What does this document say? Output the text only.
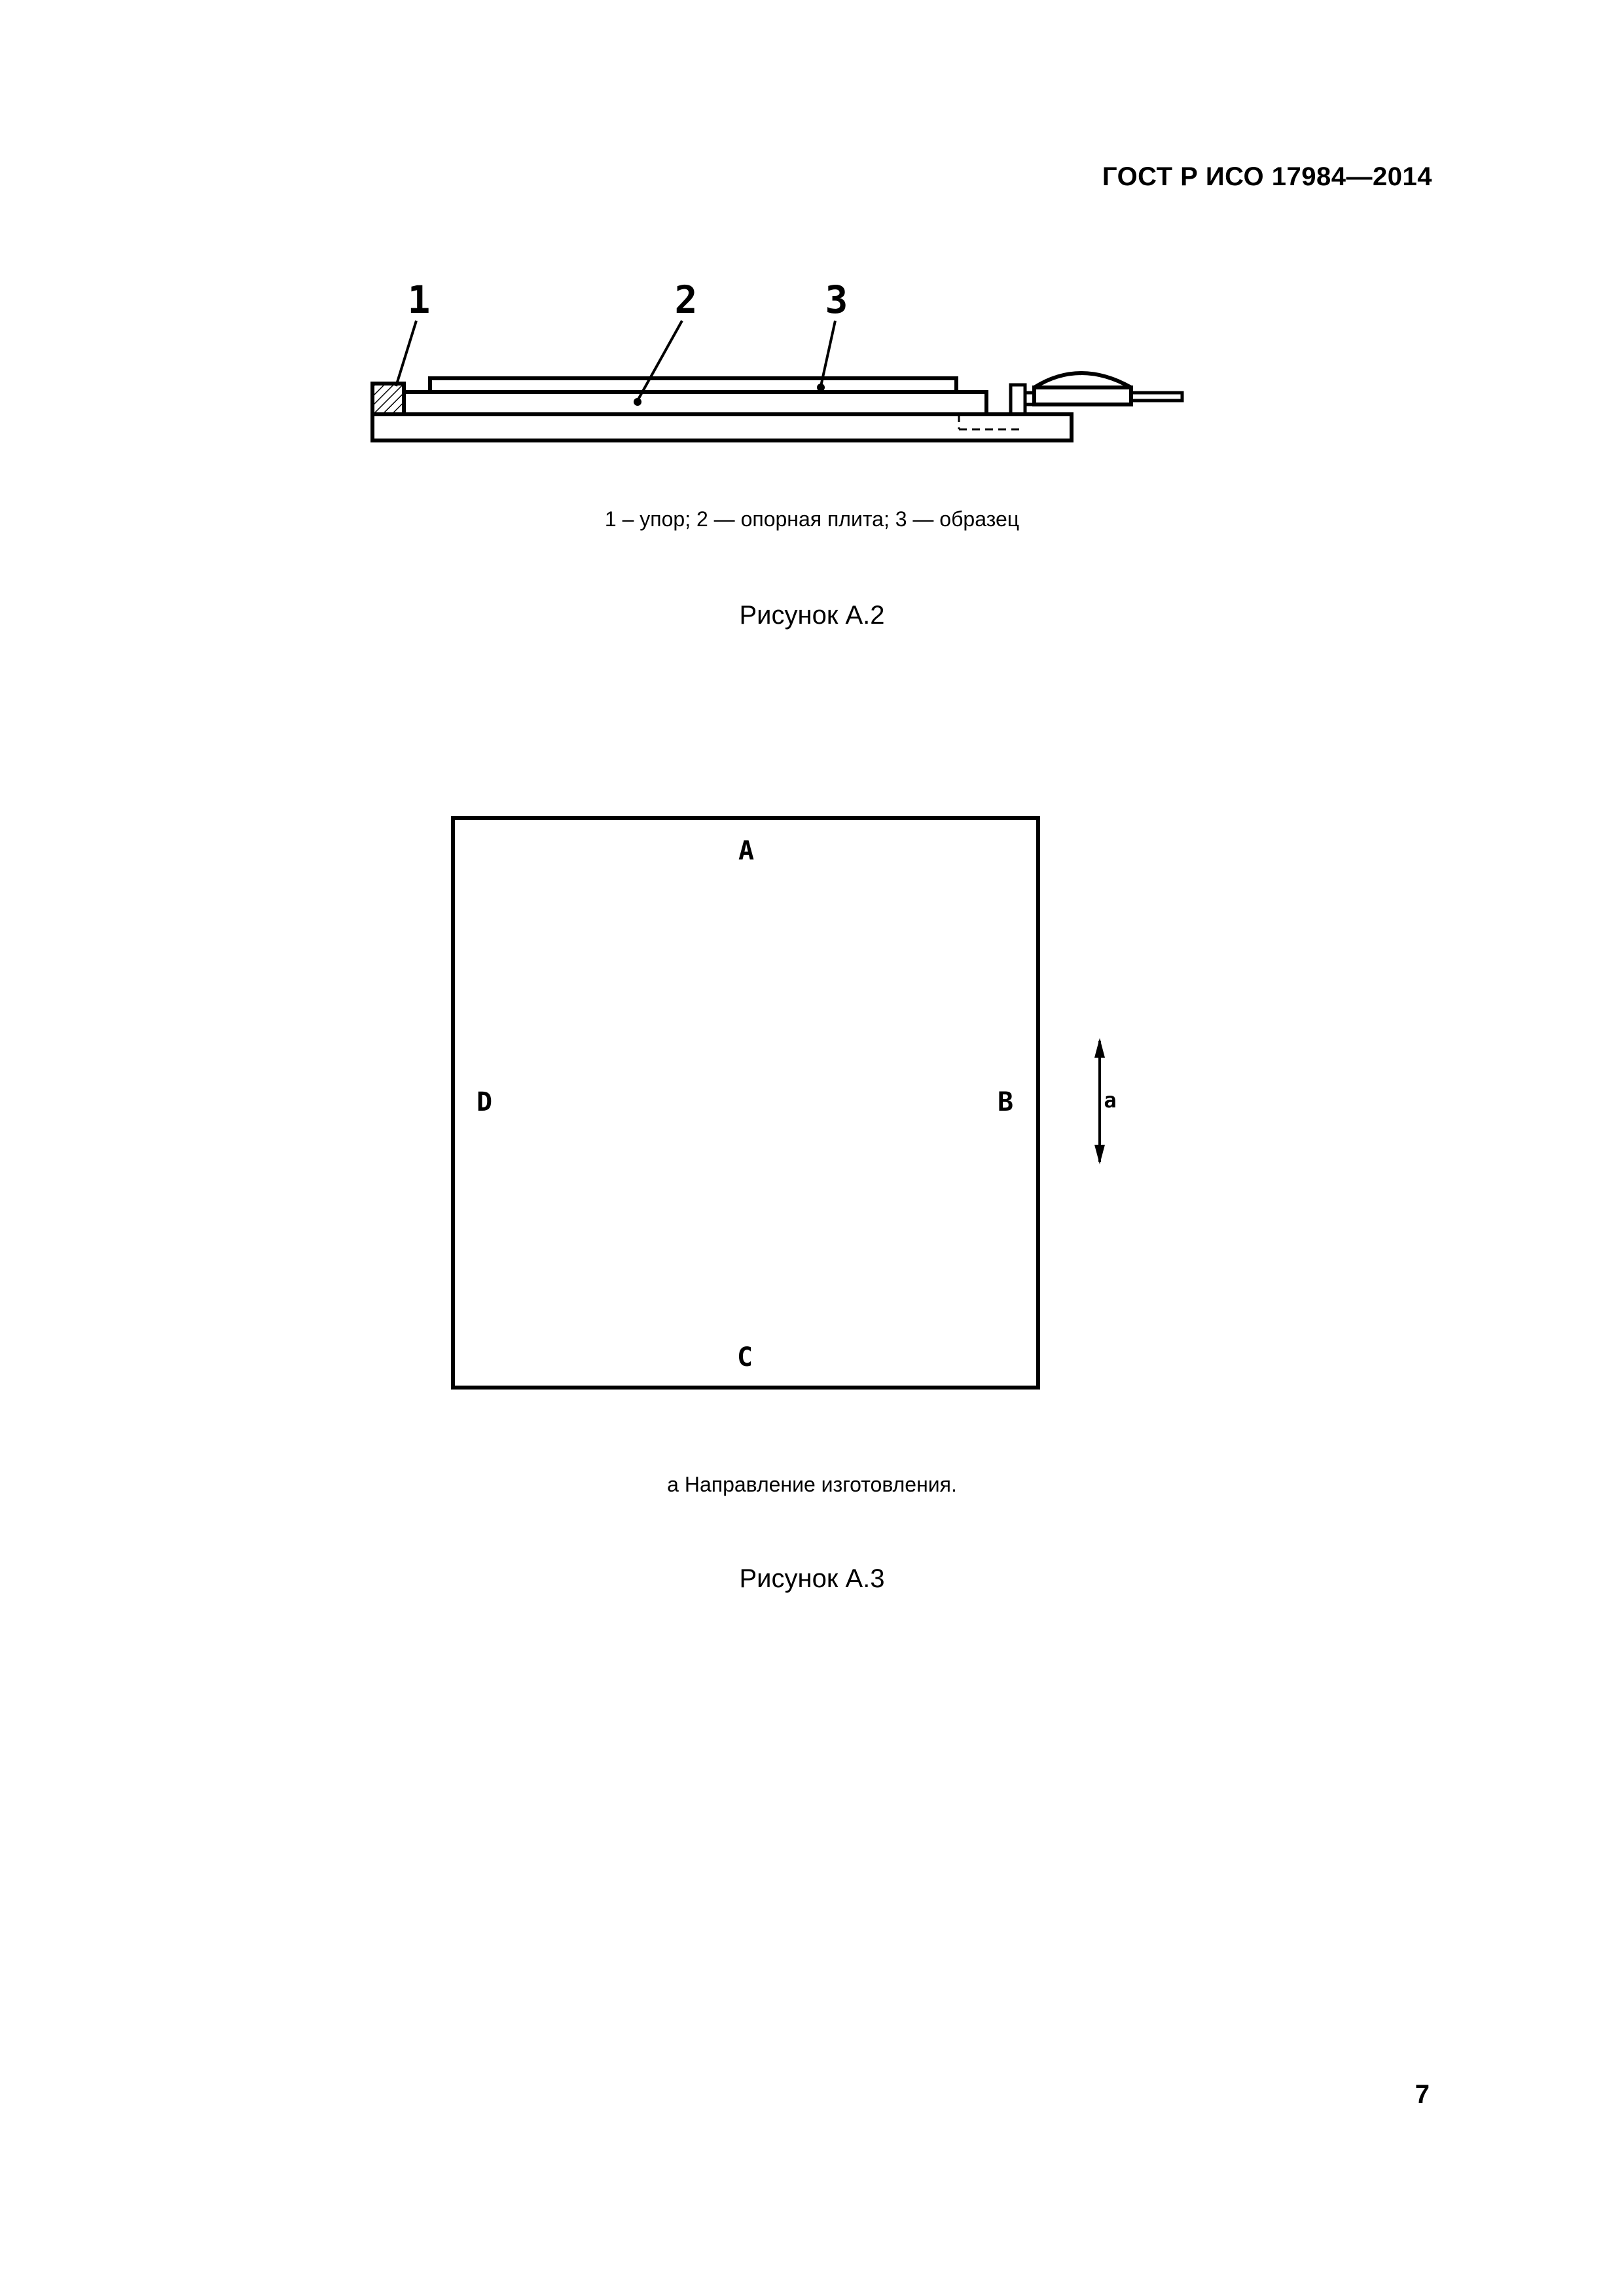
ГОСТ Р ИСО 17984—2014
1	2	3
1 – упор; 2 — опорная плита; 3 — образец
Рисунок А.2
A
B
C
D	a
a Направление изготовления.
Рисунок А.3
7
